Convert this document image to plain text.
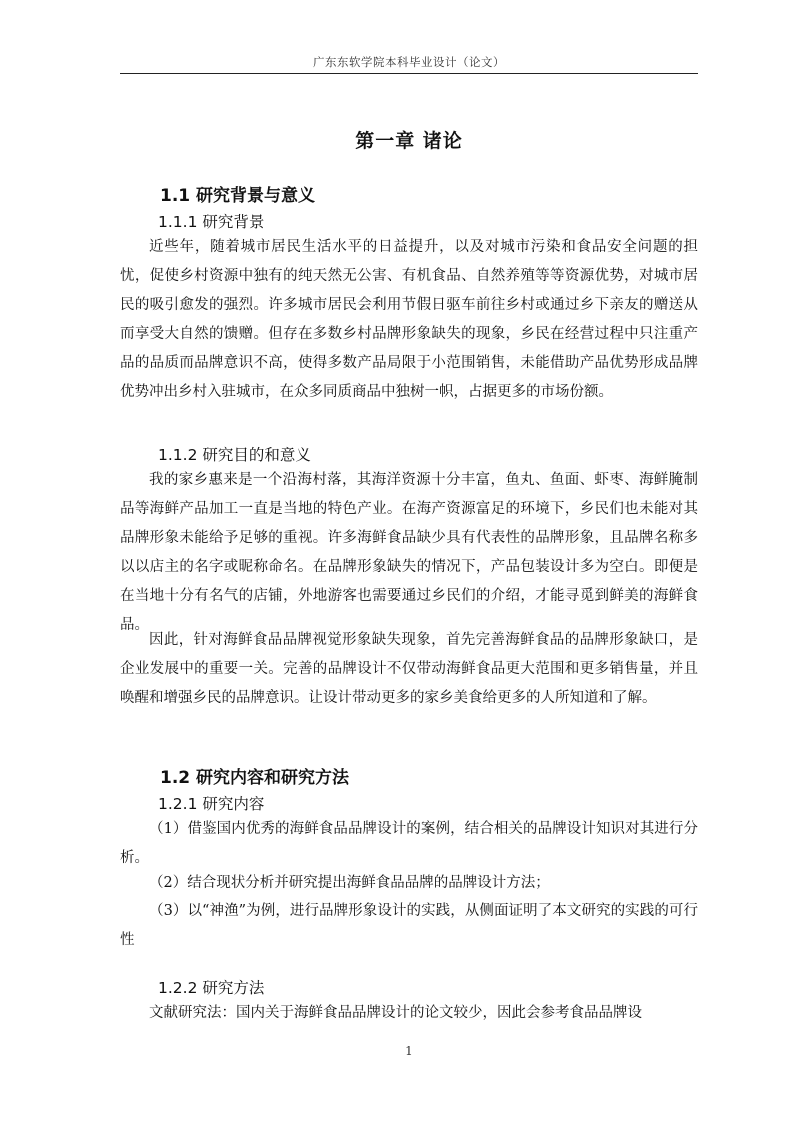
广东东软学院本科毕业设计（论文）
第一章 诸论
1.1 研究背景与意义
1.1.1 研究背景

近些年，随着城市居民生活水平的日益提升，以及对城市污染和食品安全问题的担忧，促使乡村资源中独有的纯天然无公害、有机食品、自然养殖等等资源优势，对城市居民的吸引愈发的强烈。许多城市居民会利用节假日驱车前往乡村或通过乡下亲友的赠送从而享受大自然的馈赠。但存在多数乡村品牌形象缺失的现象，乡民在经营过程中只注重产品的品质而品牌意识不高，使得多数产品局限于小范围销售，未能借助产品优势形成品牌优势冲出乡村入驻城市，在众多同质商品中独树一帜，占据更多的市场份额。

1.1.2 研究目的和意义

我的家乡惠来是一个沿海村落，其海洋资源十分丰富，鱼丸、鱼面、虾枣、海鲜腌制品等海鲜产品加工一直是当地的特色产业。在海产资源富足的环境下，乡民们也未能对其品牌形象未能给予足够的重视。许多海鲜食品缺少具有代表性的品牌形象，且品牌名称多以以店主的名字或昵称命名。在品牌形象缺失的情况下，产品包装设计多为空白。即便是在当地十分有名气的店铺，外地游客也需要通过乡民们的介绍，才能寻觅到鲜美的海鲜食品。

因此，针对海鲜食品品牌视觉形象缺失现象，首先完善海鲜食品的品牌形象缺口，是企业发展中的重要一关。完善的品牌设计不仅带动海鲜食品更大范围和更多销售量，并且唤醒和增强乡民的品牌意识。让设计带动更多的家乡美食给更多的人所知道和了解。

1.2 研究内容和研究方法
1.2.1 研究内容

（1）借鉴国内优秀的海鲜食品品牌设计的案例，结合相关的品牌设计知识对其进行分析。

（2）结合现状分析并研究提出海鲜食品品牌的品牌设计方法；

（3）以“神渔”为例，进行品牌形象设计的实践，从侧面证明了本文研究的实践的可行性

1.2.2 研究方法

文献研究法：国内关于海鲜食品品牌设计的论文较少，因此会参考食品品牌设

1
